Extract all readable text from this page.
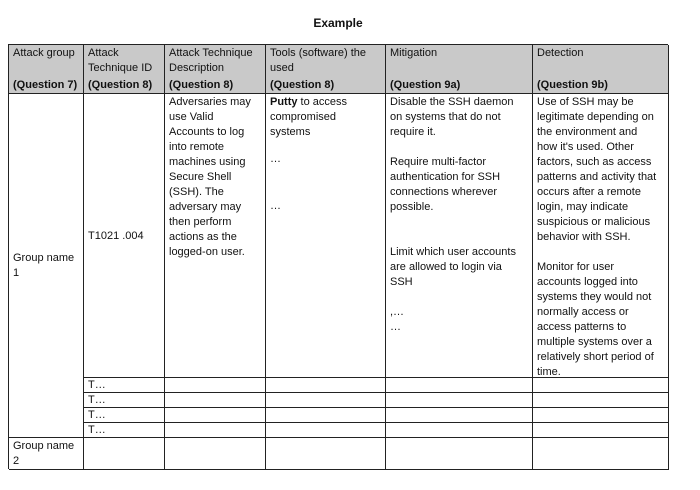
Example
Attack group
(Question 7)
Attack
Technique ID
(Question 8)
Attack Technique
Description
(Question 8)
Tools (software) the
used
(Question 8)
Mitigation
(Question 9a)
Detection
(Question 9b)
Group name
1
T1021 .004
Adversaries may
use Valid
Accounts to log
into remote
machines using
Secure Shell
(SSH). The
adversary may
then perform
actions as the
logged-on user.
Putty to access
compromised
systems
…
…
Disable the SSH daemon
on systems that do not
require it.
Require multi-factor
authentication for SSH
connections wherever
possible.
Limit which user accounts
are allowed to login via
SSH
,…
…
Use of SSH may be
legitimate depending on
the environment and
how it's used. Other
factors, such as access
patterns and activity that
occurs after a remote
login, may indicate
suspicious or malicious
behavior with SSH.
Monitor for user
accounts logged into
systems they would not
normally access or
access patterns to
multiple systems over a
relatively short period of
time.
T…
T…
T…
T…
Group name
2
